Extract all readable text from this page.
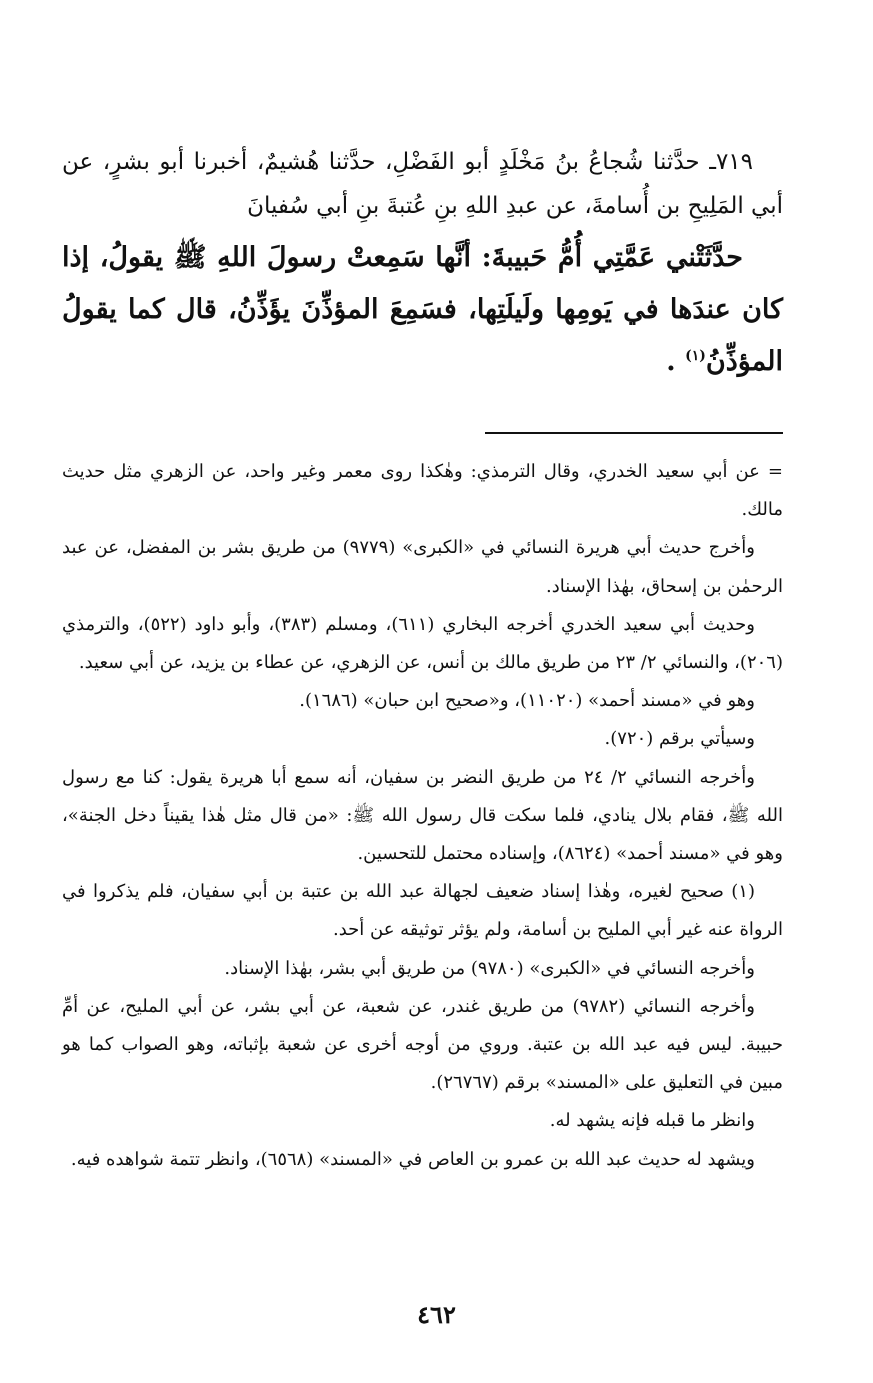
٧١٩ـ حدَّثنا شُجاعُ بنُ مَخْلَدٍ أبو الفَضْلِ، حدَّثنا هُشيمٌ، أخبرنا أبو بشرٍ، عن أبي المَلِيحِ بن أُسامةَ، عن عبدِ اللهِ بنِ عُتبةَ بنِ أبي سُفيانَ

حدَّثَتْني عَمَّتِي أُمُّ حَبيبةَ: أنَّها سَمِعتْ رسولَ اللهِ ﷺ يقولُ، إذا كان عندَها في يَومِها ولَيلَتِها، فسَمِعَ المؤذِّنَ يؤَذِّنُ، قال كما يقولُ المؤذِّنُ$^{(١)}$ .

= عن أبي سعيد الخدري، وقال الترمذي: وهٰكذا روى معمر وغير واحد، عن الزهري مثل حديث مالك.

وأخرج حديث أبي هريرة النسائي في «الكبرى» (٩٧٧٩) من طريق بشر بن المفضل، عن عبد الرحمٰن بن إسحاق، بهٰذا الإسناد.

وحديث أبي سعيد الخدري أخرجه البخاري (٦١١)، ومسلم (٣٨٣)، وأبو داود (٥٢٢)، والترمذي (٢٠٦)، والنسائي ٢/ ٢٣ من طريق مالك بن أنس، عن الزهري، عن عطاء بن يزيد، عن أبي سعيد.

وهو في «مسند أحمد» (١١٠٢٠)، و«صحيح ابن حبان» (١٦٨٦).

وسيأتي برقم (٧٢٠).

وأخرجه النسائي ٢/ ٢٤ من طريق النضر بن سفيان، أنه سمع أبا هريرة يقول: كنا مع رسول الله ﷺ، فقام بلال ينادي، فلما سكت قال رسول الله ﷺ: «من قال مثل هٰذا يقيناً دخل الجنة»، وهو في «مسند أحمد» (٨٦٢٤)، وإسناده محتمل للتحسين.

(١) صحيح لغيره، وهٰذا إسناد ضعيف لجهالة عبد الله بن عتبة بن أبي سفيان، فلم يذكروا في الرواة عنه غير أبي المليح بن أسامة، ولم يؤثر توثيقه عن أحد.

وأخرجه النسائي في «الكبرى» (٩٧٨٠) من طريق أبي بشر، بهٰذا الإسناد.

وأخرجه النسائي (٩٧٨٢) من طريق غندر، عن شعبة، عن أبي بشر، عن أبي المليح، عن أمِّ حبيبة. ليس فيه عبد الله بن عتبة. وروي من أوجه أخرى عن شعبة بإثباته، وهو الصواب كما هو مبين في التعليق على «المسند» برقم (٢٦٧٦٧).

وانظر ما قبله فإنه يشهد له.

ويشهد له حديث عبد الله بن عمرو بن العاص في «المسند» (٦٥٦٨)، وانظر تتمة شواهده فيه.

٤٦٢
